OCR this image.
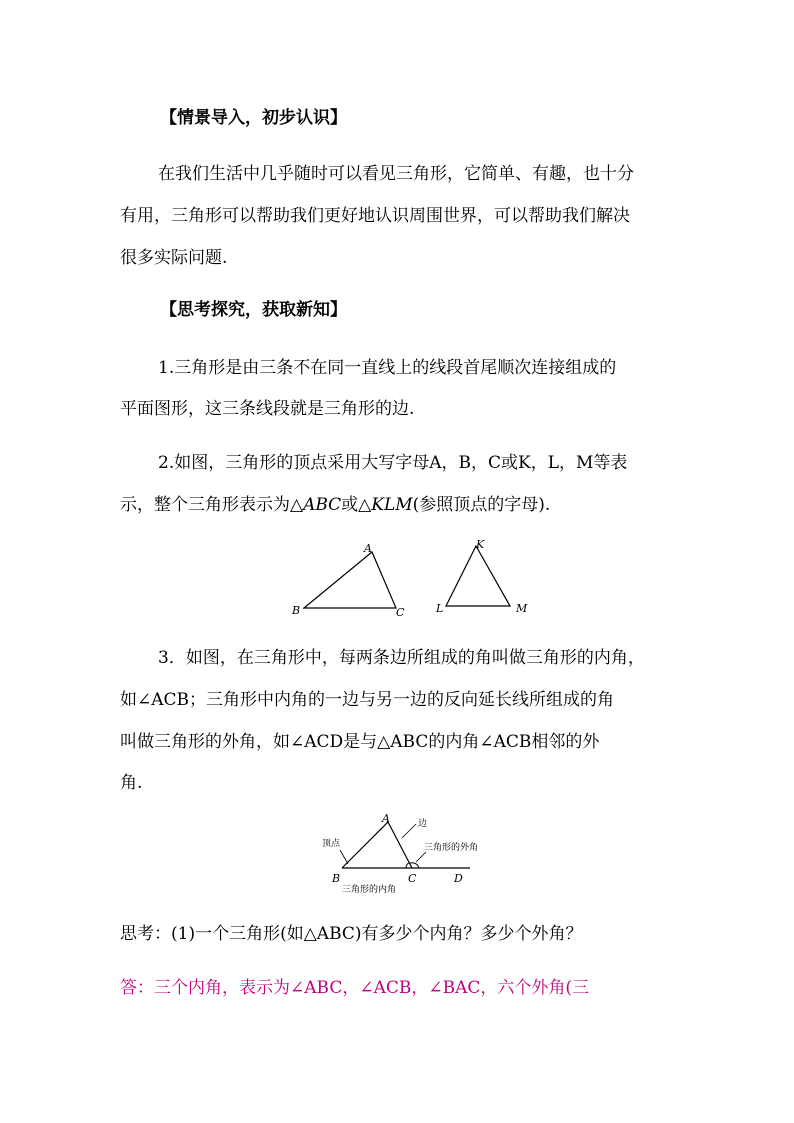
【情景导入，初步认识】
在我们生活中几乎随时可以看见三角形，它简单、有趣，也十分
有用，三角形可以帮助我们更好地认识周围世界，可以帮助我们解决
很多实际问题.
【思考探究，获取新知】
1.三角形是由三条不在同一直线上的线段首尾顺次连接组成的
平面图形，这三条线段就是三角形的边.
2.如图，三角形的顶点采用大写字母A，B，C或K，L，M等表
示，整个三角形表示为△ABC或△KLM(参照顶点的字母).
A
B	C
K
L	M
3．如图，在三角形中，每两条边所组成的角叫做三角形的内角，
如∠ACB；三角形中内角的一边与另一边的反向延长线所组成的角
叫做三角形的外角，如∠ACD是与△ABC的内角∠ACB相邻的外
角.
A
B	C	D
顶点
边
三角形的外角
三角形的内角
思考：(1)一个三角形(如△ABC)有多少个内角？多少个外角？
答：三个内角，表示为∠ABC，∠ACB，∠BAC，六个外角(三
